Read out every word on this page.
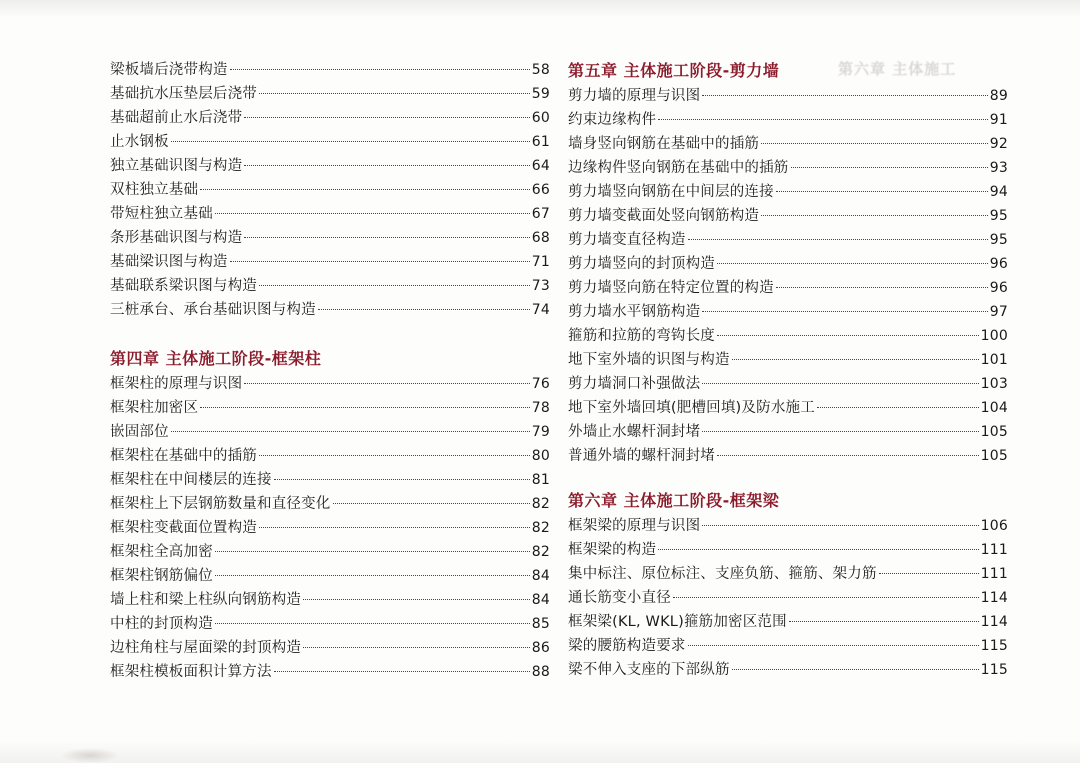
第六章 主体施工
梁板墙后浇带构造	58
基础抗水压垫层后浇带	59
基础超前止水后浇带	60
止水钢板	61
独立基础识图与构造	64
双柱独立基础	66
带短柱独立基础	67
条形基础识图与构造	68
基础梁识图与构造	71
基础联系梁识图与构造	73
三桩承台、承台基础识图与构造	74
第四章 主体施工阶段-框架柱
框架柱的原理与识图	76
框架柱加密区	78
嵌固部位	79
框架柱在基础中的插筋	80
框架柱在中间楼层的连接	81
框架柱上下层钢筋数量和直径变化	82
框架柱变截面位置构造	82
框架柱全高加密	82
框架柱钢筋偏位	84
墙上柱和梁上柱纵向钢筋构造	84
中柱的封顶构造	85
边柱角柱与屋面梁的封顶构造	86
框架柱模板面积计算方法	88
第五章 主体施工阶段-剪力墙
剪力墙的原理与识图	89
约束边缘构件	91
墙身竖向钢筋在基础中的插筋	92
边缘构件竖向钢筋在基础中的插筋	93
剪力墙竖向钢筋在中间层的连接	94
剪力墙变截面处竖向钢筋构造	95
剪力墙变直径构造	95
剪力墙竖向的封顶构造	96
剪力墙竖向筋在特定位置的构造	96
剪力墙水平钢筋构造	97
箍筋和拉筋的弯钩长度	100
地下室外墙的识图与构造	101
剪力墙洞口补强做法	103
地下室外墙回填(肥槽回填)及防水施工	104
外墙止水螺杆洞封堵	105
普通外墙的螺杆洞封堵	105
第六章 主体施工阶段-框架梁
框架梁的原理与识图	106
框架梁的构造	111
集中标注、原位标注、支座负筋、箍筋、架力筋	111
通长筋变小直径	114
框架梁(KL, WKL)箍筋加密区范围	114
梁的腰筋构造要求	115
梁不伸入支座的下部纵筋	115
